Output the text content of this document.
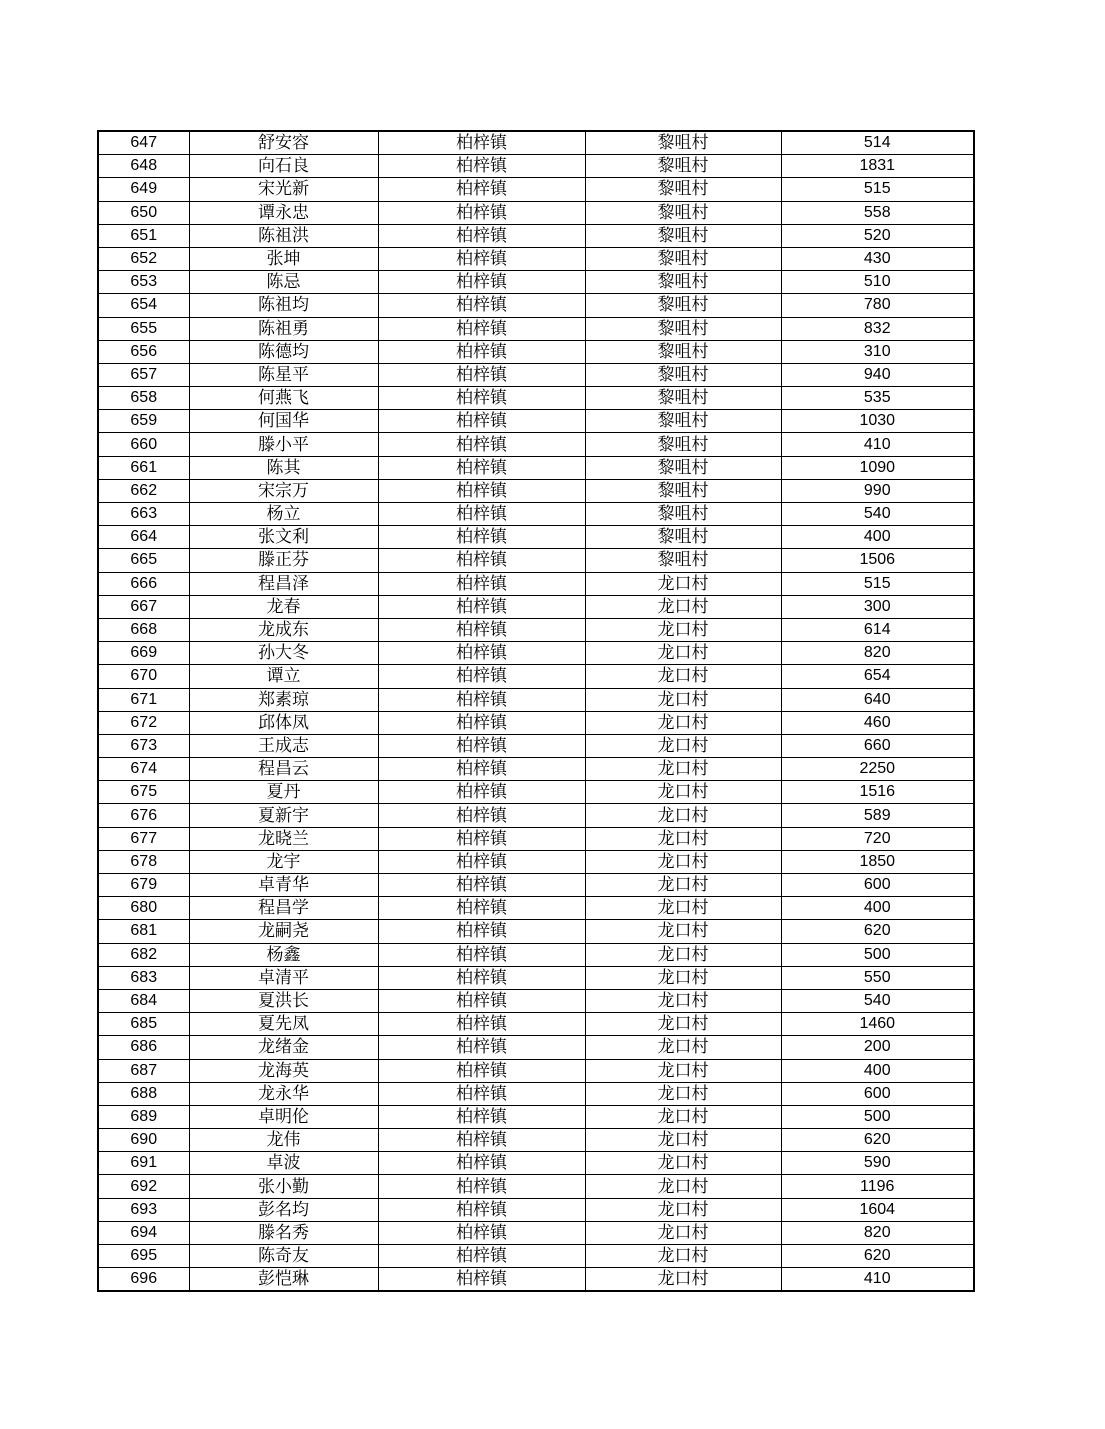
647	舒安容	柏梓镇	黎咀村	514
648	向石良	柏梓镇	黎咀村	1831
649	宋光新	柏梓镇	黎咀村	515
650	谭永忠	柏梓镇	黎咀村	558
651	陈祖洪	柏梓镇	黎咀村	520
652	张坤	柏梓镇	黎咀村	430
653	陈忌	柏梓镇	黎咀村	510
654	陈祖均	柏梓镇	黎咀村	780
655	陈祖勇	柏梓镇	黎咀村	832
656	陈德均	柏梓镇	黎咀村	310
657	陈星平	柏梓镇	黎咀村	940
658	何燕飞	柏梓镇	黎咀村	535
659	何国华	柏梓镇	黎咀村	1030
660	滕小平	柏梓镇	黎咀村	410
661	陈其	柏梓镇	黎咀村	1090
662	宋宗万	柏梓镇	黎咀村	990
663	杨立	柏梓镇	黎咀村	540
664	张文利	柏梓镇	黎咀村	400
665	滕正芬	柏梓镇	黎咀村	1506
666	程昌泽	柏梓镇	龙口村	515
667	龙春	柏梓镇	龙口村	300
668	龙成东	柏梓镇	龙口村	614
669	孙大冬	柏梓镇	龙口村	820
670	谭立	柏梓镇	龙口村	654
671	郑素琼	柏梓镇	龙口村	640
672	邱体凤	柏梓镇	龙口村	460
673	王成志	柏梓镇	龙口村	660
674	程昌云	柏梓镇	龙口村	2250
675	夏丹	柏梓镇	龙口村	1516
676	夏新宇	柏梓镇	龙口村	589
677	龙晓兰	柏梓镇	龙口村	720
678	龙宇	柏梓镇	龙口村	1850
679	卓青华	柏梓镇	龙口村	600
680	程昌学	柏梓镇	龙口村	400
681	龙嗣尧	柏梓镇	龙口村	620
682	杨鑫	柏梓镇	龙口村	500
683	卓清平	柏梓镇	龙口村	550
684	夏洪长	柏梓镇	龙口村	540
685	夏先凤	柏梓镇	龙口村	1460
686	龙绪金	柏梓镇	龙口村	200
687	龙海英	柏梓镇	龙口村	400
688	龙永华	柏梓镇	龙口村	600
689	卓明伦	柏梓镇	龙口村	500
690	龙伟	柏梓镇	龙口村	620
691	卓波	柏梓镇	龙口村	590
692	张小勤	柏梓镇	龙口村	1196
693	彭名均	柏梓镇	龙口村	1604
694	滕名秀	柏梓镇	龙口村	820
695	陈奇友	柏梓镇	龙口村	620
696	彭恺琳	柏梓镇	龙口村	410
